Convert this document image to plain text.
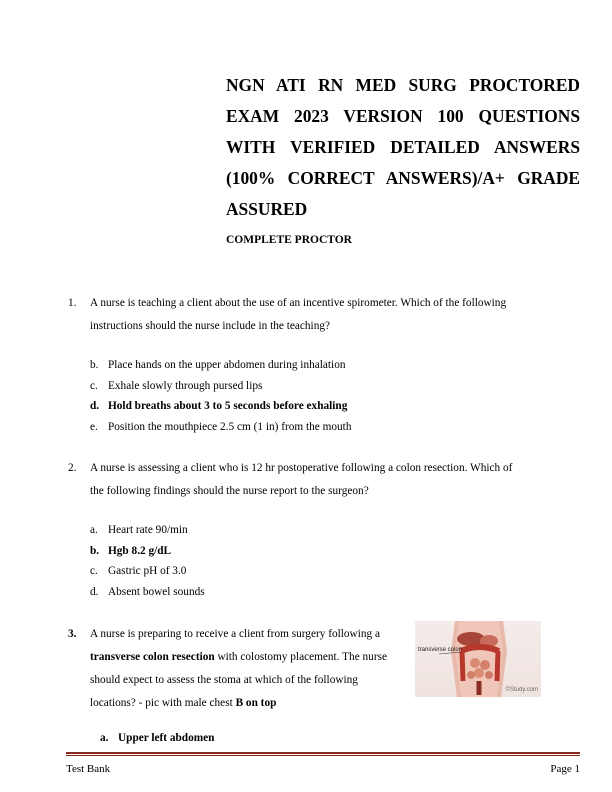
NGN ATI RN MED SURG PROCTORED
EXAM 2023 VERSION 100 QUESTIONS
WITH VERIFIED DETAILED ANSWERS
(100% CORRECT ANSWERS)/A+ GRADE
ASSURED
COMPLETE PROCTOR
1.	A nurse is teaching a client about the use of an incentive spirometer. Which of the following
instructions should the nurse include in the teaching?
b. Place hands on the upper abdomen during inhalation
c. Exhale slowly through pursed lips
d. Hold breaths about 3 to 5 seconds before exhaling
e. Position the mouthpiece 2.5 cm (1 in) from the mouth
2.	A nurse is assessing a client who is 12 hr postoperative following a colon resection. Which of
the following findings should the nurse report to the surgeon?
a. Heart rate 90/min
b. Hgb 8.2 g/dL
c. Gastric pH of 3.0
d. Absent bowel sounds
3.	A nurse is preparing to receive a client from surgery following a
transverse colon resection with colostomy placement. The nurse
should expect to assess the stoma at which of the following
locations? - pic with male chest B on top
transverse colon
©Study.com
a. Upper left abdomen
Test Bank	Page 1
